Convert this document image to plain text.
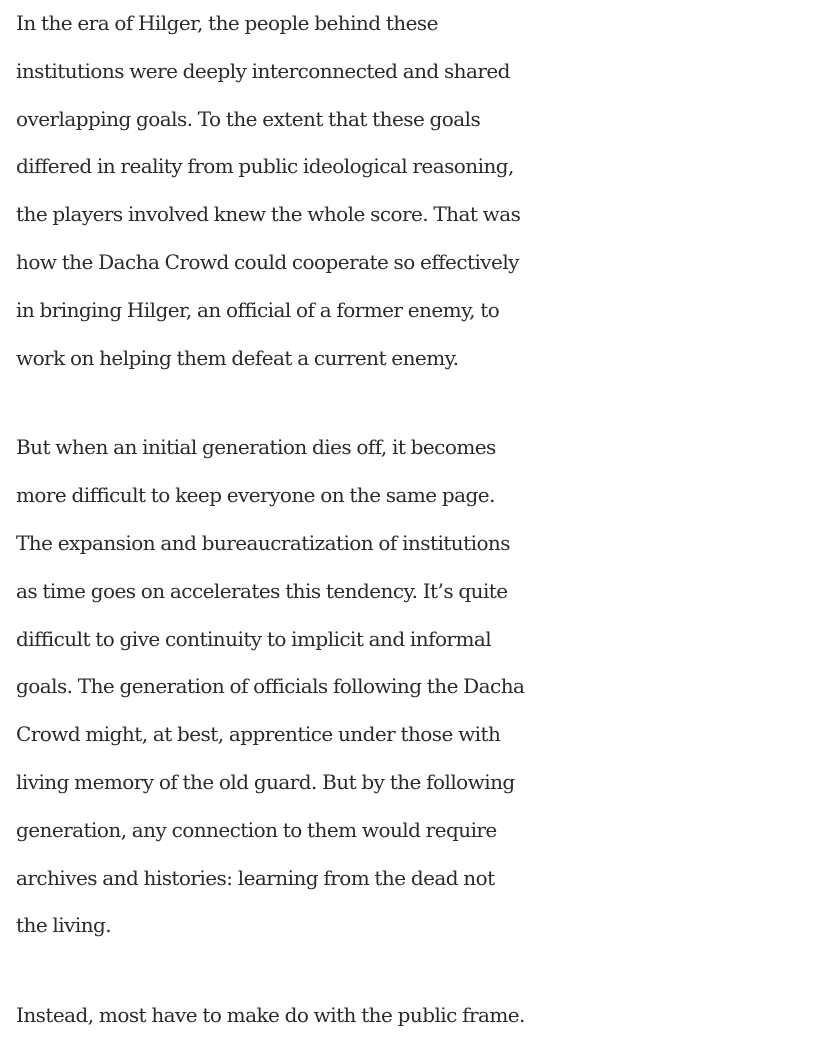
In the era of Hilger, the people behind these
institutions were deeply interconnected and shared
overlapping goals. To the extent that these goals
differed in reality from public ideological reasoning,
the players involved knew the whole score. That was
how the Dacha Crowd could cooperate so effectively
in bringing Hilger, an official of a former enemy, to
work on helping them defeat a current enemy.

But when an initial generation dies off, it becomes
more difficult to keep everyone on the same page.
The expansion and bureaucratization of institutions
as time goes on accelerates this tendency. It’s quite
difficult to give continuity to implicit and informal
goals. The generation of officials following the Dacha
Crowd might, at best, apprentice under those with
living memory of the old guard. But by the following
generation, any connection to them would require
archives and histories: learning from the dead not
the living.

Instead, most have to make do with the public frame.
